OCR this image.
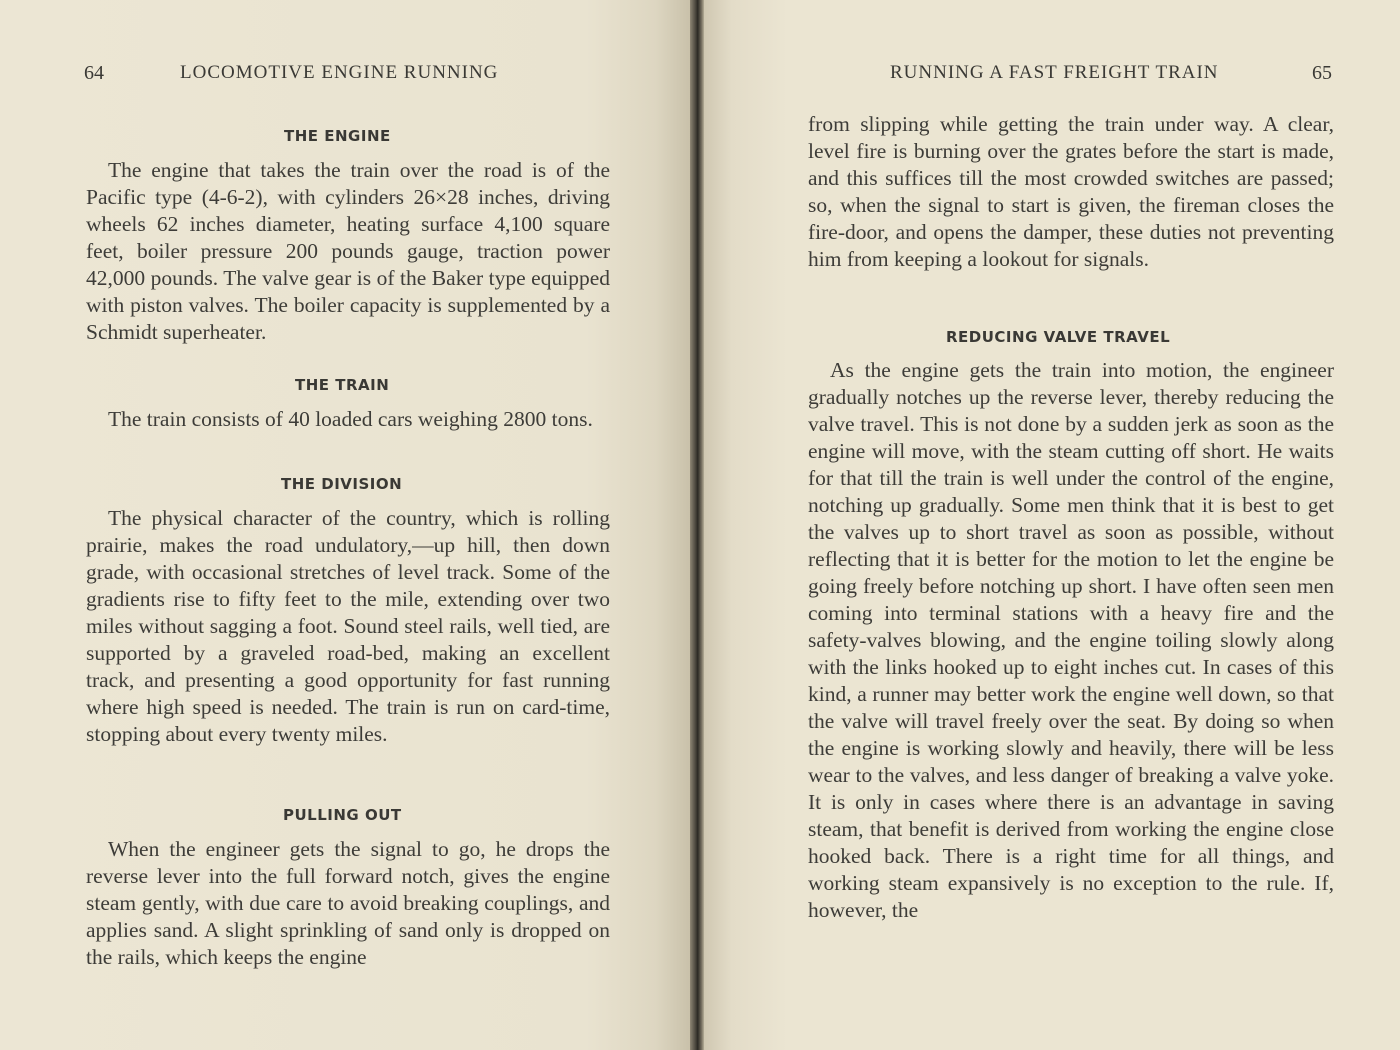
64	LOCOMOTIVE ENGINE RUNNING
THE ENGINE

The engine that takes the train over the road is of the Pacific type (4-6-2), with cylinders 26×28 inches, driving wheels 62 inches diameter, heating surface 4,100 square feet, boiler pressure 200 pounds gauge, traction power 42,000 pounds. The valve gear is of the Baker type equipped with piston valves. The boiler capacity is supplemented by a Schmidt superheater.

THE TRAIN

The train consists of 40 loaded cars weighing 2800 tons.

THE DIVISION

The physical character of the country, which is rolling prairie, makes the road undulatory,—up hill, then down grade, with occasional stretches of level track. Some of the gradients rise to fifty feet to the mile, extending over two miles without sagging a foot. Sound steel rails, well tied, are supported by a graveled road-bed, making an excellent track, and presenting a good opportunity for fast running where high speed is needed. The train is run on card-time, stopping about every twenty miles.

PULLING OUT

When the engineer gets the signal to go, he drops the reverse lever into the full forward notch, gives the engine steam gently, with due care to avoid breaking couplings, and applies sand. A slight sprinkling of sand only is dropped on the rails, which keeps the engine

RUNNING A FAST FREIGHT TRAIN	65

from slipping while getting the train under way. A clear, level fire is burning over the grates before the start is made, and this suffices till the most crowded switches are passed; so, when the signal to start is given, the fireman closes the fire-door, and opens the damper, these duties not preventing him from keeping a lookout for signals.

REDUCING VALVE TRAVEL

As the engine gets the train into motion, the engineer gradually notches up the reverse lever, thereby reducing the valve travel. This is not done by a sudden jerk as soon as the engine will move, with the steam cutting off short. He waits for that till the train is well under the control of the engine, notching up gradually. Some men think that it is best to get the valves up to short travel as soon as possible, without reflecting that it is better for the motion to let the engine be going freely before notching up short. I have often seen men coming into terminal stations with a heavy fire and the safety-valves blowing, and the engine toiling slowly along with the links hooked up to eight inches cut. In cases of this kind, a runner may better work the engine well down, so that the valve will travel freely over the seat. By doing so when the engine is working slowly and heavily, there will be less wear to the valves, and less danger of breaking a valve yoke. It is only in cases where there is an advantage in saving steam, that benefit is derived from working the engine close hooked back. There is a right time for all things, and working steam expansively is no exception to the rule. If, however, the
